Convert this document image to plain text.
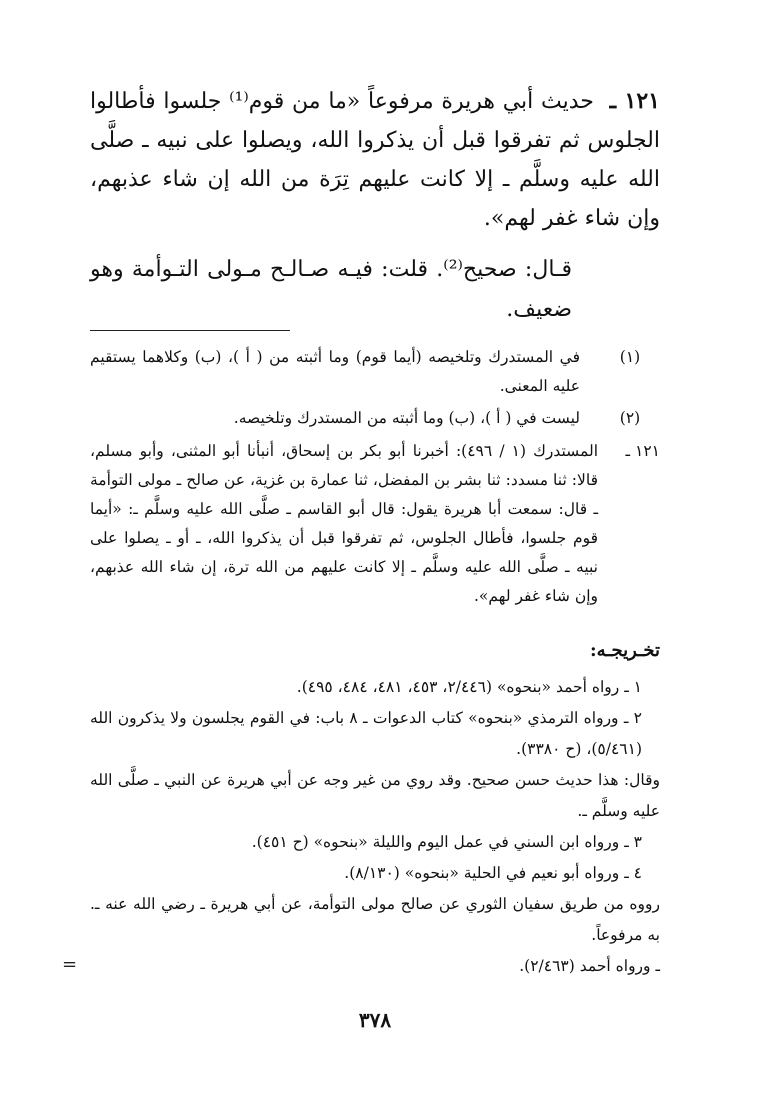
١٢١ ـ حديث أبي هريرة مرفوعاً «ما من قوم⁽¹⁾ جلسوا فأطالوا الجلوس ثم تفرقوا قبل أن يذكروا الله، ويصلوا على نبيه ـ صلَّى الله عليه وسلَّم ـ إلا كانت عليهم تِرَة من الله إن شاء عذبهم، وإن شاء غفر لهم».
قـال: صحيح⁽²⁾. قلت: فيـه صـالـح مـولى التـوأمة وهو ضعيف.
(١)
في المستدرك وتلخيصه (أيما قوم) وما أثبته من ( أ )، (ب) وكلاهما يستقيم عليه المعنى.
(٢)
ليست في ( أ )، (ب) وما أثبته من المستدرك وتلخيصه.
١٢١ ـ
المستدرك (١ / ٤٩٦): أخبرنا أبو بكر بن إسحاق، أنبأنا أبو المثنى، وأبو مسلم، قالا: ثنا مسدد: ثنا بشر بن المفضل، ثنا عمارة بن غزية، عن صالح ـ مولى التوأمة ـ قال: سمعت أبا هريرة يقول: قال أبو القاسم ـ صلَّى الله عليه وسلَّم ـ: «أيما قوم جلسوا، فأطال الجلوس، ثم تفرقوا قبل أن يذكروا الله، ـ أو ـ يصلوا على نبيه ـ صلَّى الله عليه وسلَّم ـ إلا كانت عليهم من الله ترة، إن شاء الله عذبهم، وإن شاء غفر لهم».
تخـريجـه:
١ ـ رواه أحمد «بنحوه» (٢/٤٤٦، ٤٥٣، ٤٨١، ٤٨٤، ٤٩٥).
٢ ـ ورواه الترمذي «بنحوه» كتاب الدعوات ـ ٨ باب: في القوم يجلسون ولا يذكرون الله (٥/٤٦١)، (ح ٣٣٨٠).
وقال: هذا حديث حسن صحيح. وقد روي من غير وجه عن أبي هريرة عن النبي ـ صلَّى الله عليه وسلَّم ـ.
٣ ـ ورواه ابن السني في عمل اليوم والليلة «بنحوه» (ح ٤٥١).
٤ ـ ورواه أبو نعيم في الحلية «بنحوه» (٨/١٣٠).
رووه من طريق سفيان الثوري عن صالح مولى التوأمة، عن أبي هريرة ـ رضي الله عنه ـ. به مرفوعاً.
ـ ورواه أحمد (٢/٤٦٣).
٣٧٨
=
